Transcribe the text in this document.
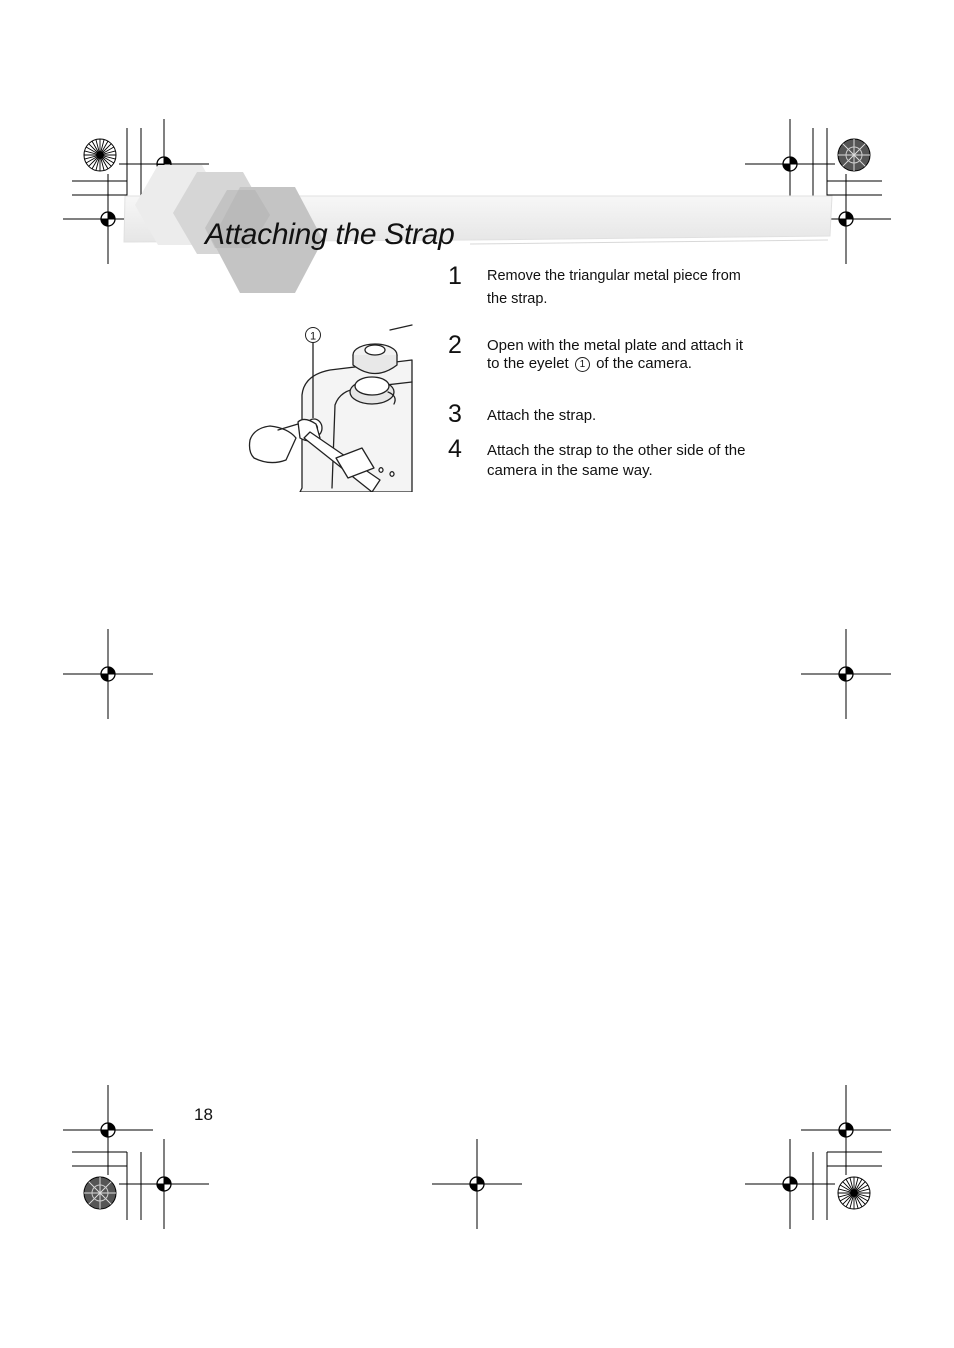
Attaching the Strap
1
1	Remove the triangular metal piece from the strap.
2	Open with the metal plate and attach it to the eyelet 1 of the camera.
3	Attach the strap.
4	Attach the strap to the other side of the camera in the same way.
18
